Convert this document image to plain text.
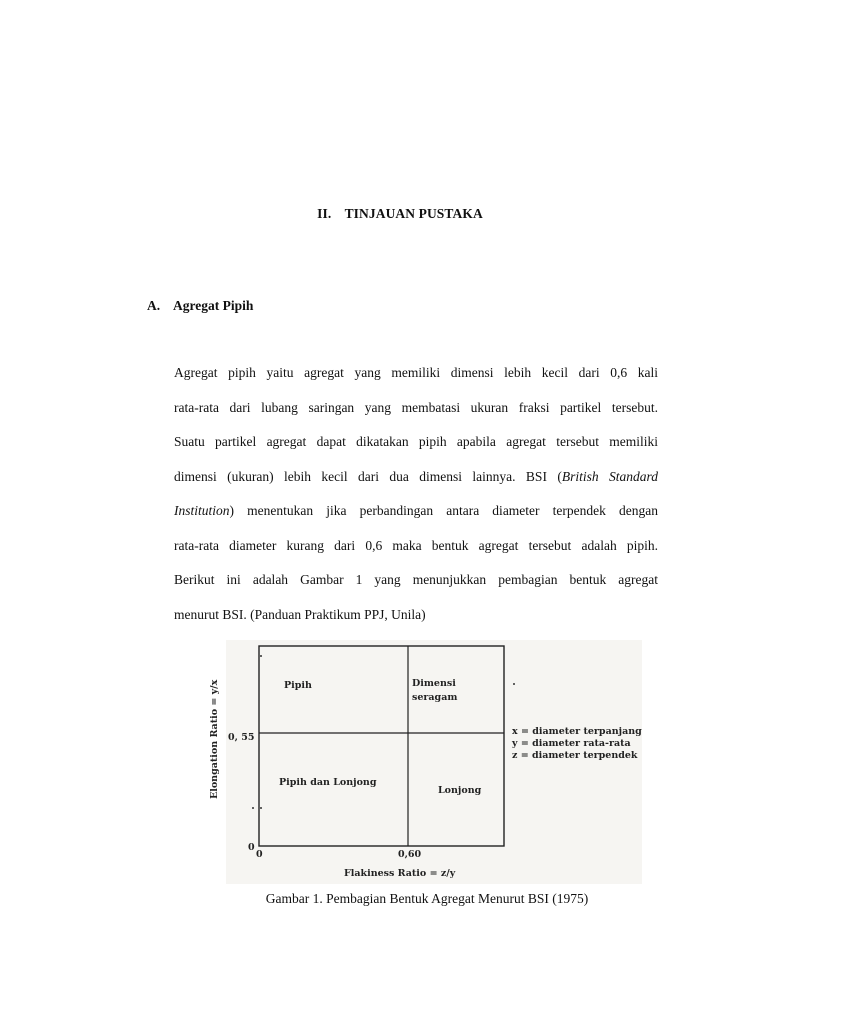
II. TINJAUAN PUSTAKA
A. Agregat Pipih
Agregat pipih yaitu agregat yang memiliki dimensi lebih kecil dari 0,6 kali
rata-rata dari lubang saringan yang membatasi ukuran fraksi partikel tersebut.
Suatu partikel agregat dapat dikatakan pipih apabila agregat tersebut memiliki
dimensi (ukuran) lebih kecil dari dua dimensi lainnya. BSI (British Standard
Institution) menentukan jika perbandingan antara diameter terpendek dengan
rata-rata diameter kurang dari 0,6 maka bentuk agregat tersebut adalah pipih.
Berikut ini adalah Gambar 1 yang menunjukkan pembagian bentuk agregat
menurut BSI. (Panduan Praktikum PPJ, Unila)
Pipih	Dimensi
seragam
Pipih dan Lonjong
Lonjong
0, 55
0
0	0,60
Flakiness Ratio = z/y
Elongation Ratio = y/x	x = diameter terpanjang
y = diameter rata-rata
z = diameter terpendek
Gambar 1. Pembagian Bentuk Agregat Menurut BSI (1975)
